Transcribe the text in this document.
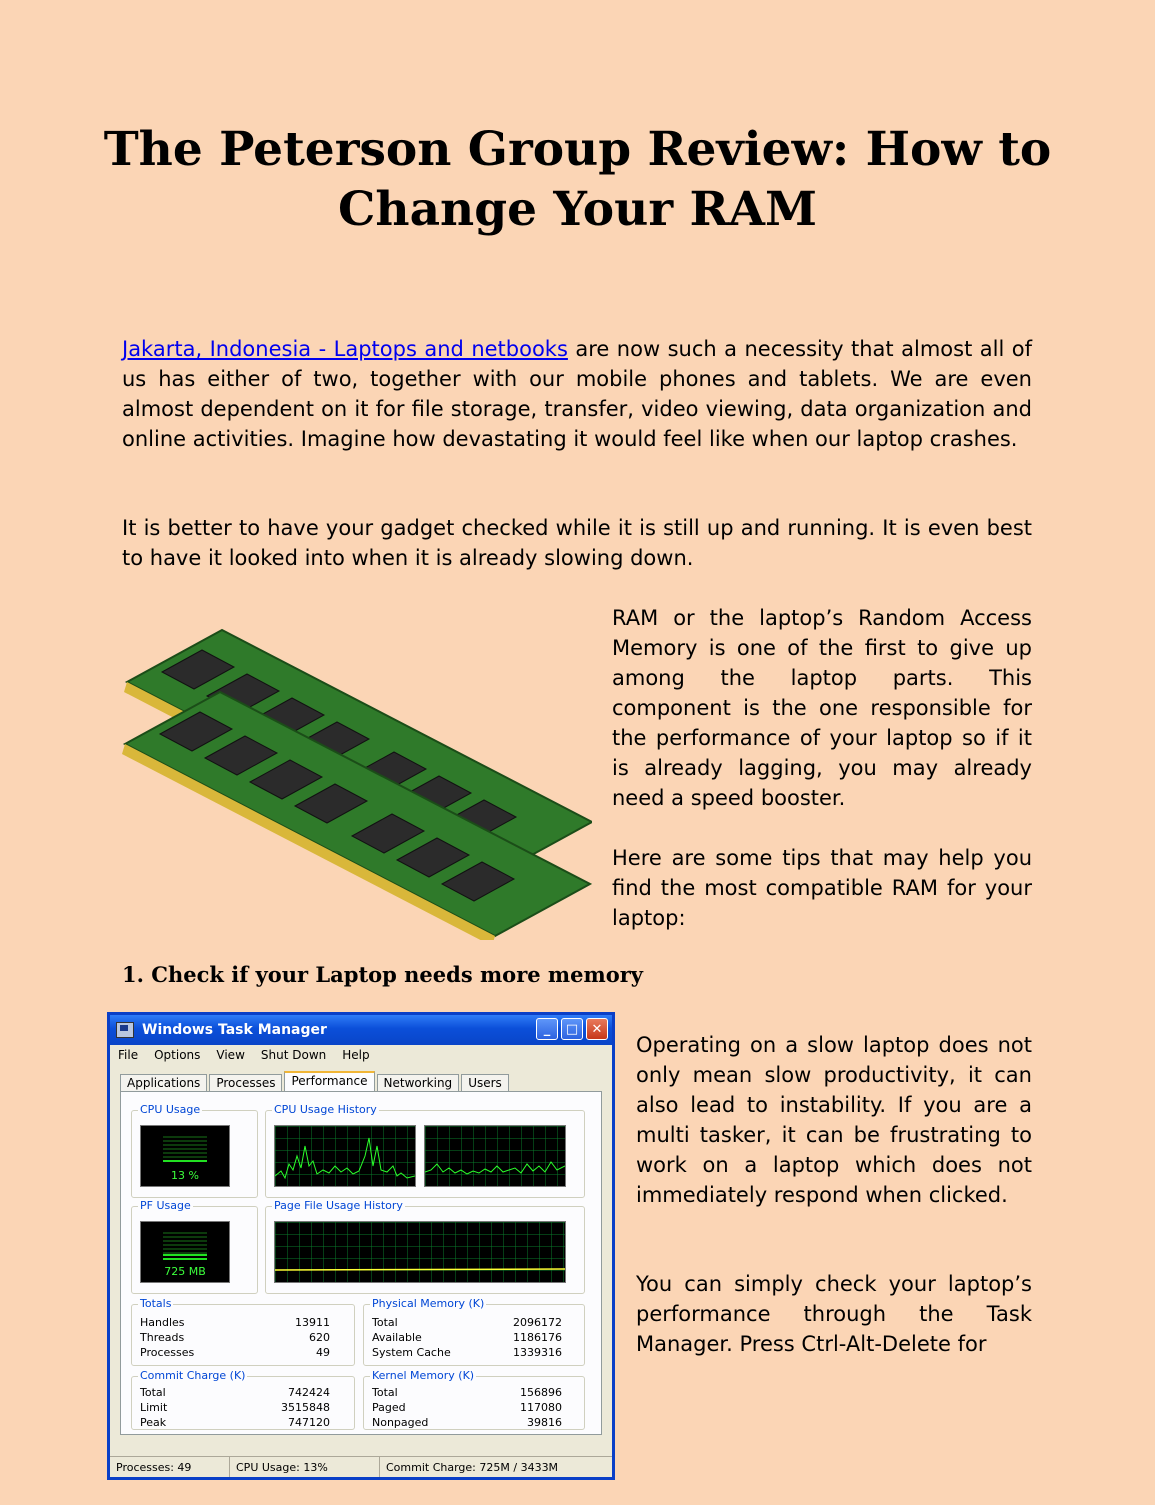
The Peterson Group Review: How to Change Your RAM

Jakarta, Indonesia - Laptops and netbooks are now such a necessity that almost all of us has either of two, together with our mobile phones and tablets. We are even almost dependent on it for file storage, transfer, video viewing, data organization and online activities. Imagine how devastating it would feel like when our laptop crashes.

It is better to have your gadget checked while it is still up and running. It is even best to have it looked into when it is already slowing down.

RAM or the laptop’s Random Access Memory is one of the first to give up among the laptop parts. This component is the one responsible for the performance of your laptop so if it is already lagging, you may already need a speed booster.

Here are some tips that may help you find the most compatible RAM for your laptop:

1. Check if your Laptop needs more memory
Windows Task Manager	_	□	✕
File Options View Shut Down Help
Applications	Processes	Performance	Networking	Users
CPU Usage
13 %
CPU Usage History
PF Usage
725 MB
Page File Usage History
Totals
Handles	13911
Threads	620
Processes	49
Physical Memory (K)
Total	2096172
Available	1186176
System Cache	1339316
Commit Charge (K)
Total	742424
Limit	3515848
Peak	747120
Kernel Memory (K)
Total	156896
Paged	117080
Nonpaged	39816
Processes: 49	CPU Usage: 13%	Commit Charge: 725M / 3433M

Operating on a slow laptop does not only mean slow productivity, it can also lead to instability. If you are a multi tasker, it can be frustrating to work on a laptop which does not immediately respond when clicked.

You can simply check your laptop’s performance through the Task Manager. Press Ctrl-Alt-Delete for
